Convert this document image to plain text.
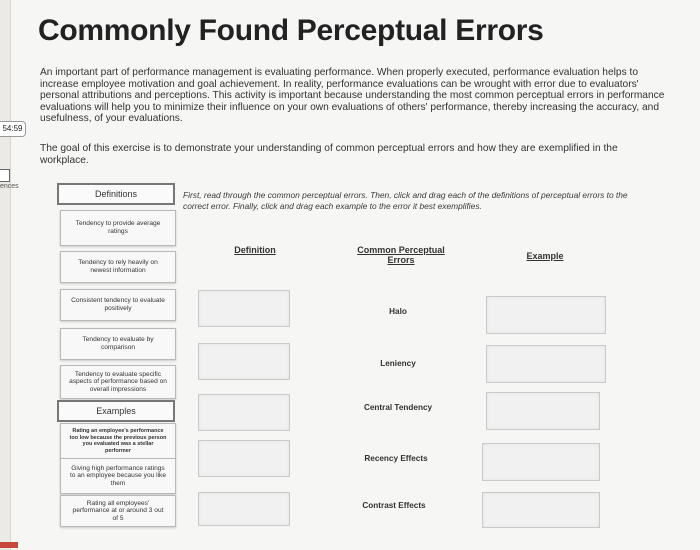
54:59
ences
Commonly Found Perceptual Errors

An important part of performance management is evaluating performance. When properly executed, performance evaluation helps to increase employee motivation and goal achievement. In reality, performance evaluations can be wrought with error due to evaluators' personal attributions and perceptions. This activity is important because understanding the most common perceptual errors in performance evaluations will help you to minimize their influence on your own evaluations of others' performance, thereby increasing the accuracy, and usefulness, of your evaluations.

The goal of this exercise is to demonstrate your understanding of common perceptual errors and how they are exemplified in the workplace.

First, read through the common perceptual errors. Then, click and drag each of the definitions of perceptual errors to the correct error. Finally, click and drag each example to the error it best exemplifies.

Definitions
Tendency to provide average ratings
Tendency to rely heavily on newest information
Consistent tendency to evaluate positively
Tendency to evaluate by comparison
Tendency to evaluate specific aspects of performance based on overall impressions
Examples
Rating an employee's performance too low because the previous person you evaluated was a stellar performer
Giving high performance ratings to an employee because you like them
Rating all employees' performance at or around 3 out of 5
Definition	Common Perceptual Errors	Example
Halo
Leniency
Central Tendency
Recency Effects
Contrast Effects
